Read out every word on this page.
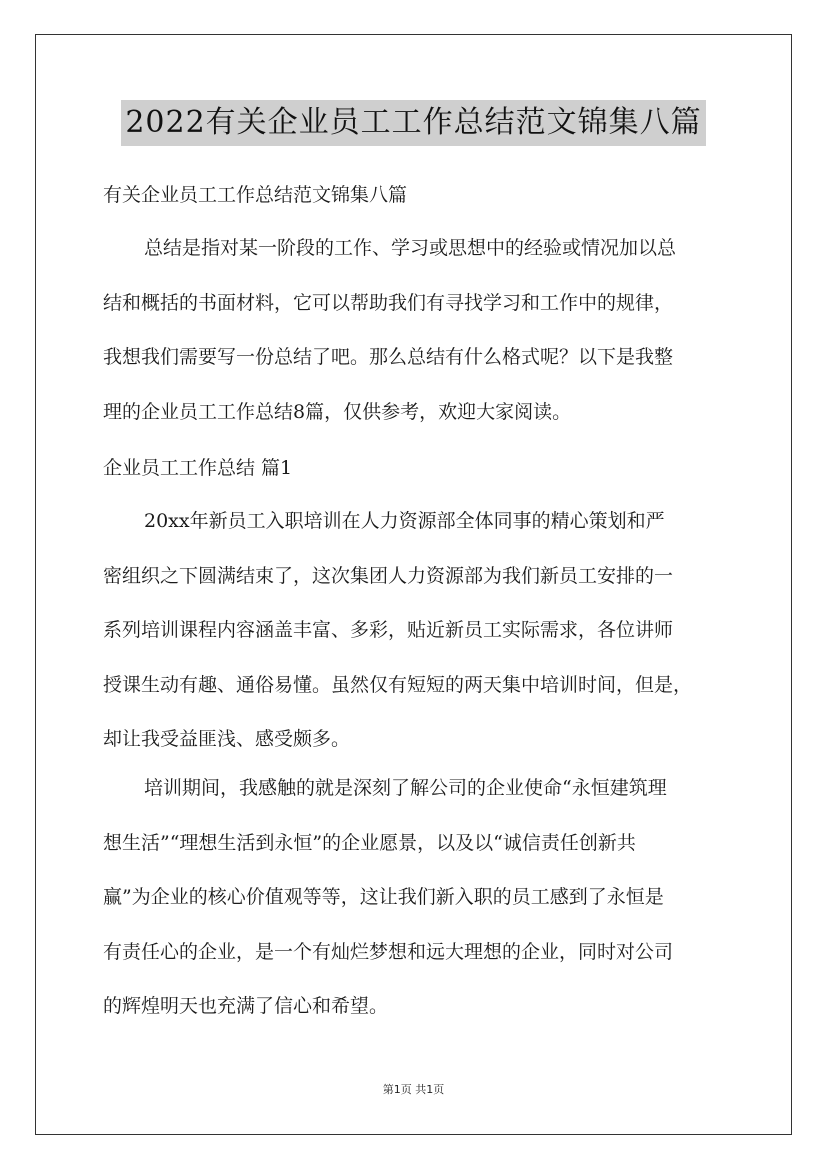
2022有关企业员工工作总结范文锦集八篇
有关企业员工工作总结范文锦集八篇
总结是指对某一阶段的工作、学习或思想中的经验或情况加以总
结和概括的书面材料，它可以帮助我们有寻找学习和工作中的规律，
我想我们需要写一份总结了吧。那么总结有什么格式呢？以下是我整
理的企业员工工作总结8篇，仅供参考，欢迎大家阅读。
企业员工工作总结 篇1
20xx年新员工入职培训在人力资源部全体同事的精心策划和严
密组织之下圆满结束了，这次集团人力资源部为我们新员工安排的一
系列培训课程内容涵盖丰富、多彩，贴近新员工实际需求，各位讲师
授课生动有趣、通俗易懂。虽然仅有短短的两天集中培训时间，但是，
却让我受益匪浅、感受颇多。
培训期间，我感触的就是深刻了解公司的企业使命“永恒建筑理
想生活”“理想生活到永恒”的企业愿景，以及以“诚信责任创新共
赢”为企业的核心价值观等等，这让我们新入职的员工感到了永恒是
有责任心的企业，是一个有灿烂梦想和远大理想的企业，同时对公司
的辉煌明天也充满了信心和希望。
第1页 共1页
